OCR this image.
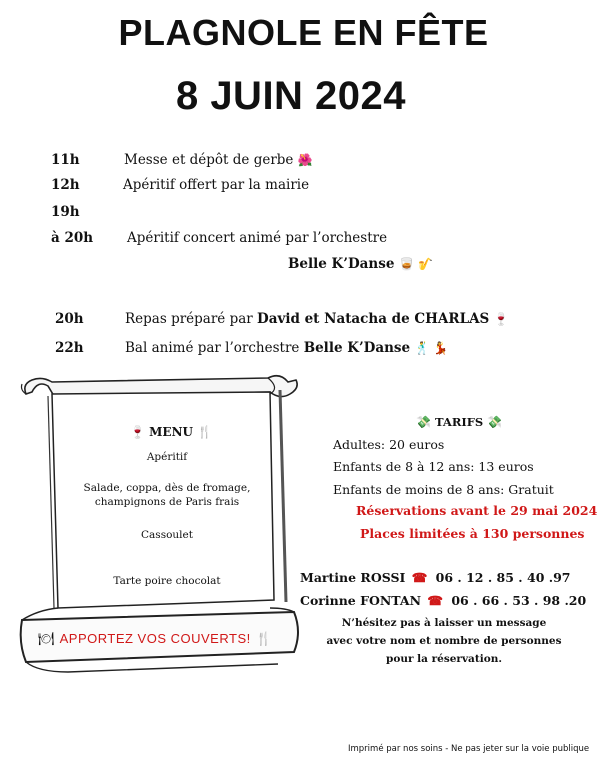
PLAGNOLE EN FÊTE
8 JUIN 2024
11h	Messe et dépôt de gerbe 🌺
12h	Apéritif offert par la mairie
19h
à 20h	Apéritif concert animé par l’orchestre
Belle K’Danse 🥃 🎷
20h	Repas préparé par David et Natacha de CHARLAS 🍷
22h	Bal animé par l’orchestre Belle K’Danse 🕺 💃
🍷 MENU 🍴
Apéritif
Salade, coppa, dès de fromage, champignons de Paris frais
Cassoulet
Tarte poire chocolat
🍽 APPORTEZ VOS COUVERTS! 🍴
💸 TARIFS 💸
Adultes: 20 euros
Enfants de 8 à 12 ans: 13 euros
Enfants de moins de 8 ans: Gratuit
Réservations avant le 29 mai 2024
Places limitées à 130 personnes
Martine ROSSI ☎ 06 . 12 . 85 . 40 .97
Corinne FONTAN ☎ 06 . 66 . 53 . 98 .20
N’hésitez pas à laisser un message
avec votre nom et nombre de personnes
pour la réservation.
Imprimé par nos soins - Ne pas jeter sur la voie publique
